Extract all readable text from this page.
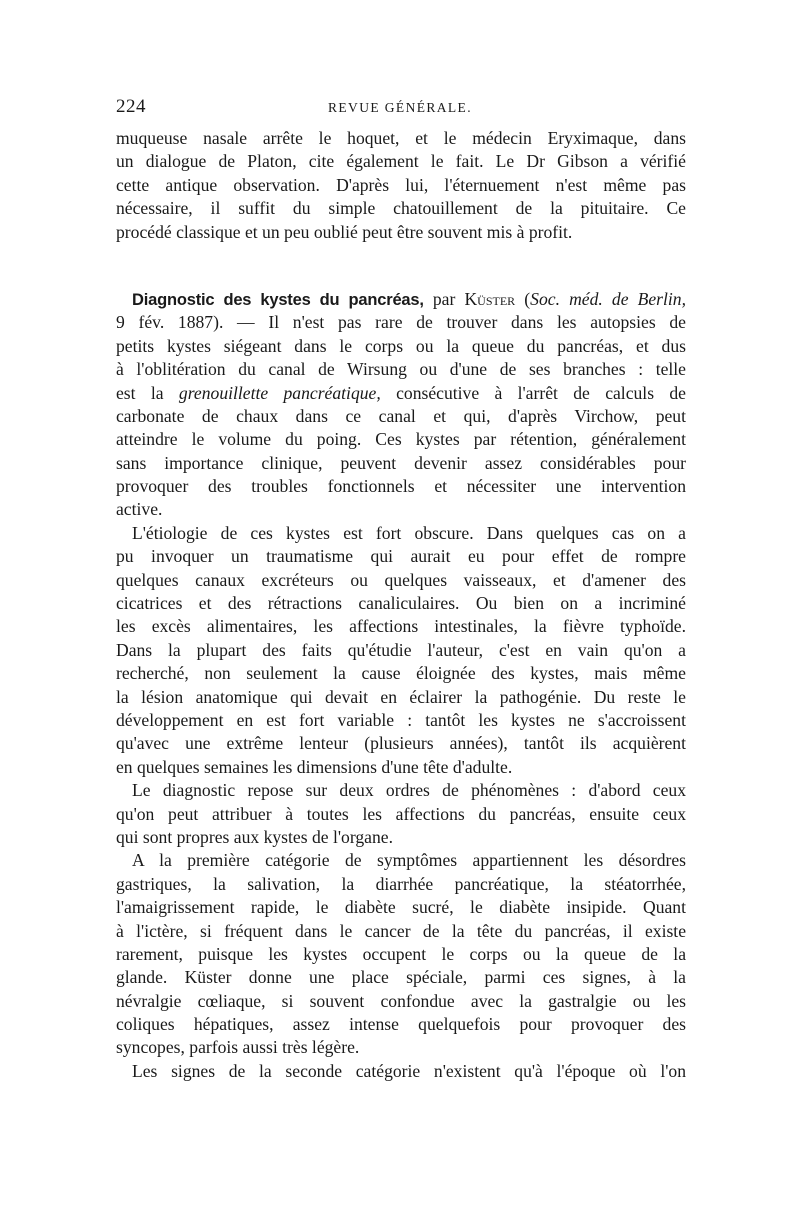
224	REVUE GÉNÉRALE.
muqueuse nasale arrête le hoquet, et le médecin Eryximaque, dans
un dialogue de Platon, cite également le fait. Le Dr Gibson a vérifié
cette antique observation. D'après lui, l'éternuement n'est même pas
nécessaire, il suffit du simple chatouillement de la pituitaire. Ce
procédé classique et un peu oublié peut être souvent mis à profit.
Diagnostic des kystes du pancréas, par Küster (Soc. méd. de Berlin,
9 fév. 1887). — Il n'est pas rare de trouver dans les autopsies de
petits kystes siégeant dans le corps ou la queue du pancréas, et dus
à l'oblitération du canal de Wirsung ou d'une de ses branches : telle
est la grenouillette pancréatique, consécutive à l'arrêt de calculs de
carbonate de chaux dans ce canal et qui, d'après Virchow, peut
atteindre le volume du poing. Ces kystes par rétention, généralement
sans importance clinique, peuvent devenir assez considérables pour
provoquer des troubles fonctionnels et nécessiter une intervention
active.
L'étiologie de ces kystes est fort obscure. Dans quelques cas on a
pu invoquer un traumatisme qui aurait eu pour effet de rompre
quelques canaux excréteurs ou quelques vaisseaux, et d'amener des
cicatrices et des rétractions canaliculaires. Ou bien on a incriminé
les excès alimentaires, les affections intestinales, la fièvre typhoïde.
Dans la plupart des faits qu'étudie l'auteur, c'est en vain qu'on a
recherché, non seulement la cause éloignée des kystes, mais même
la lésion anatomique qui devait en éclairer la pathogénie. Du reste le
développement en est fort variable : tantôt les kystes ne s'accroissent
qu'avec une extrême lenteur (plusieurs années), tantôt ils acquièrent
en quelques semaines les dimensions d'une tête d'adulte.
Le diagnostic repose sur deux ordres de phénomènes : d'abord ceux
qu'on peut attribuer à toutes les affections du pancréas, ensuite ceux
qui sont propres aux kystes de l'organe.
A la première catégorie de symptômes appartiennent les désordres
gastriques, la salivation, la diarrhée pancréatique, la stéatorrhée,
l'amaigrissement rapide, le diabète sucré, le diabète insipide. Quant
à l'ictère, si fréquent dans le cancer de la tête du pancréas, il existe
rarement, puisque les kystes occupent le corps ou la queue de la
glande. Küster donne une place spéciale, parmi ces signes, à la
névralgie cœliaque, si souvent confondue avec la gastralgie ou les
coliques hépatiques, assez intense quelquefois pour provoquer des
syncopes, parfois aussi très légère.
Les signes de la seconde catégorie n'existent qu'à l'époque où l'on
